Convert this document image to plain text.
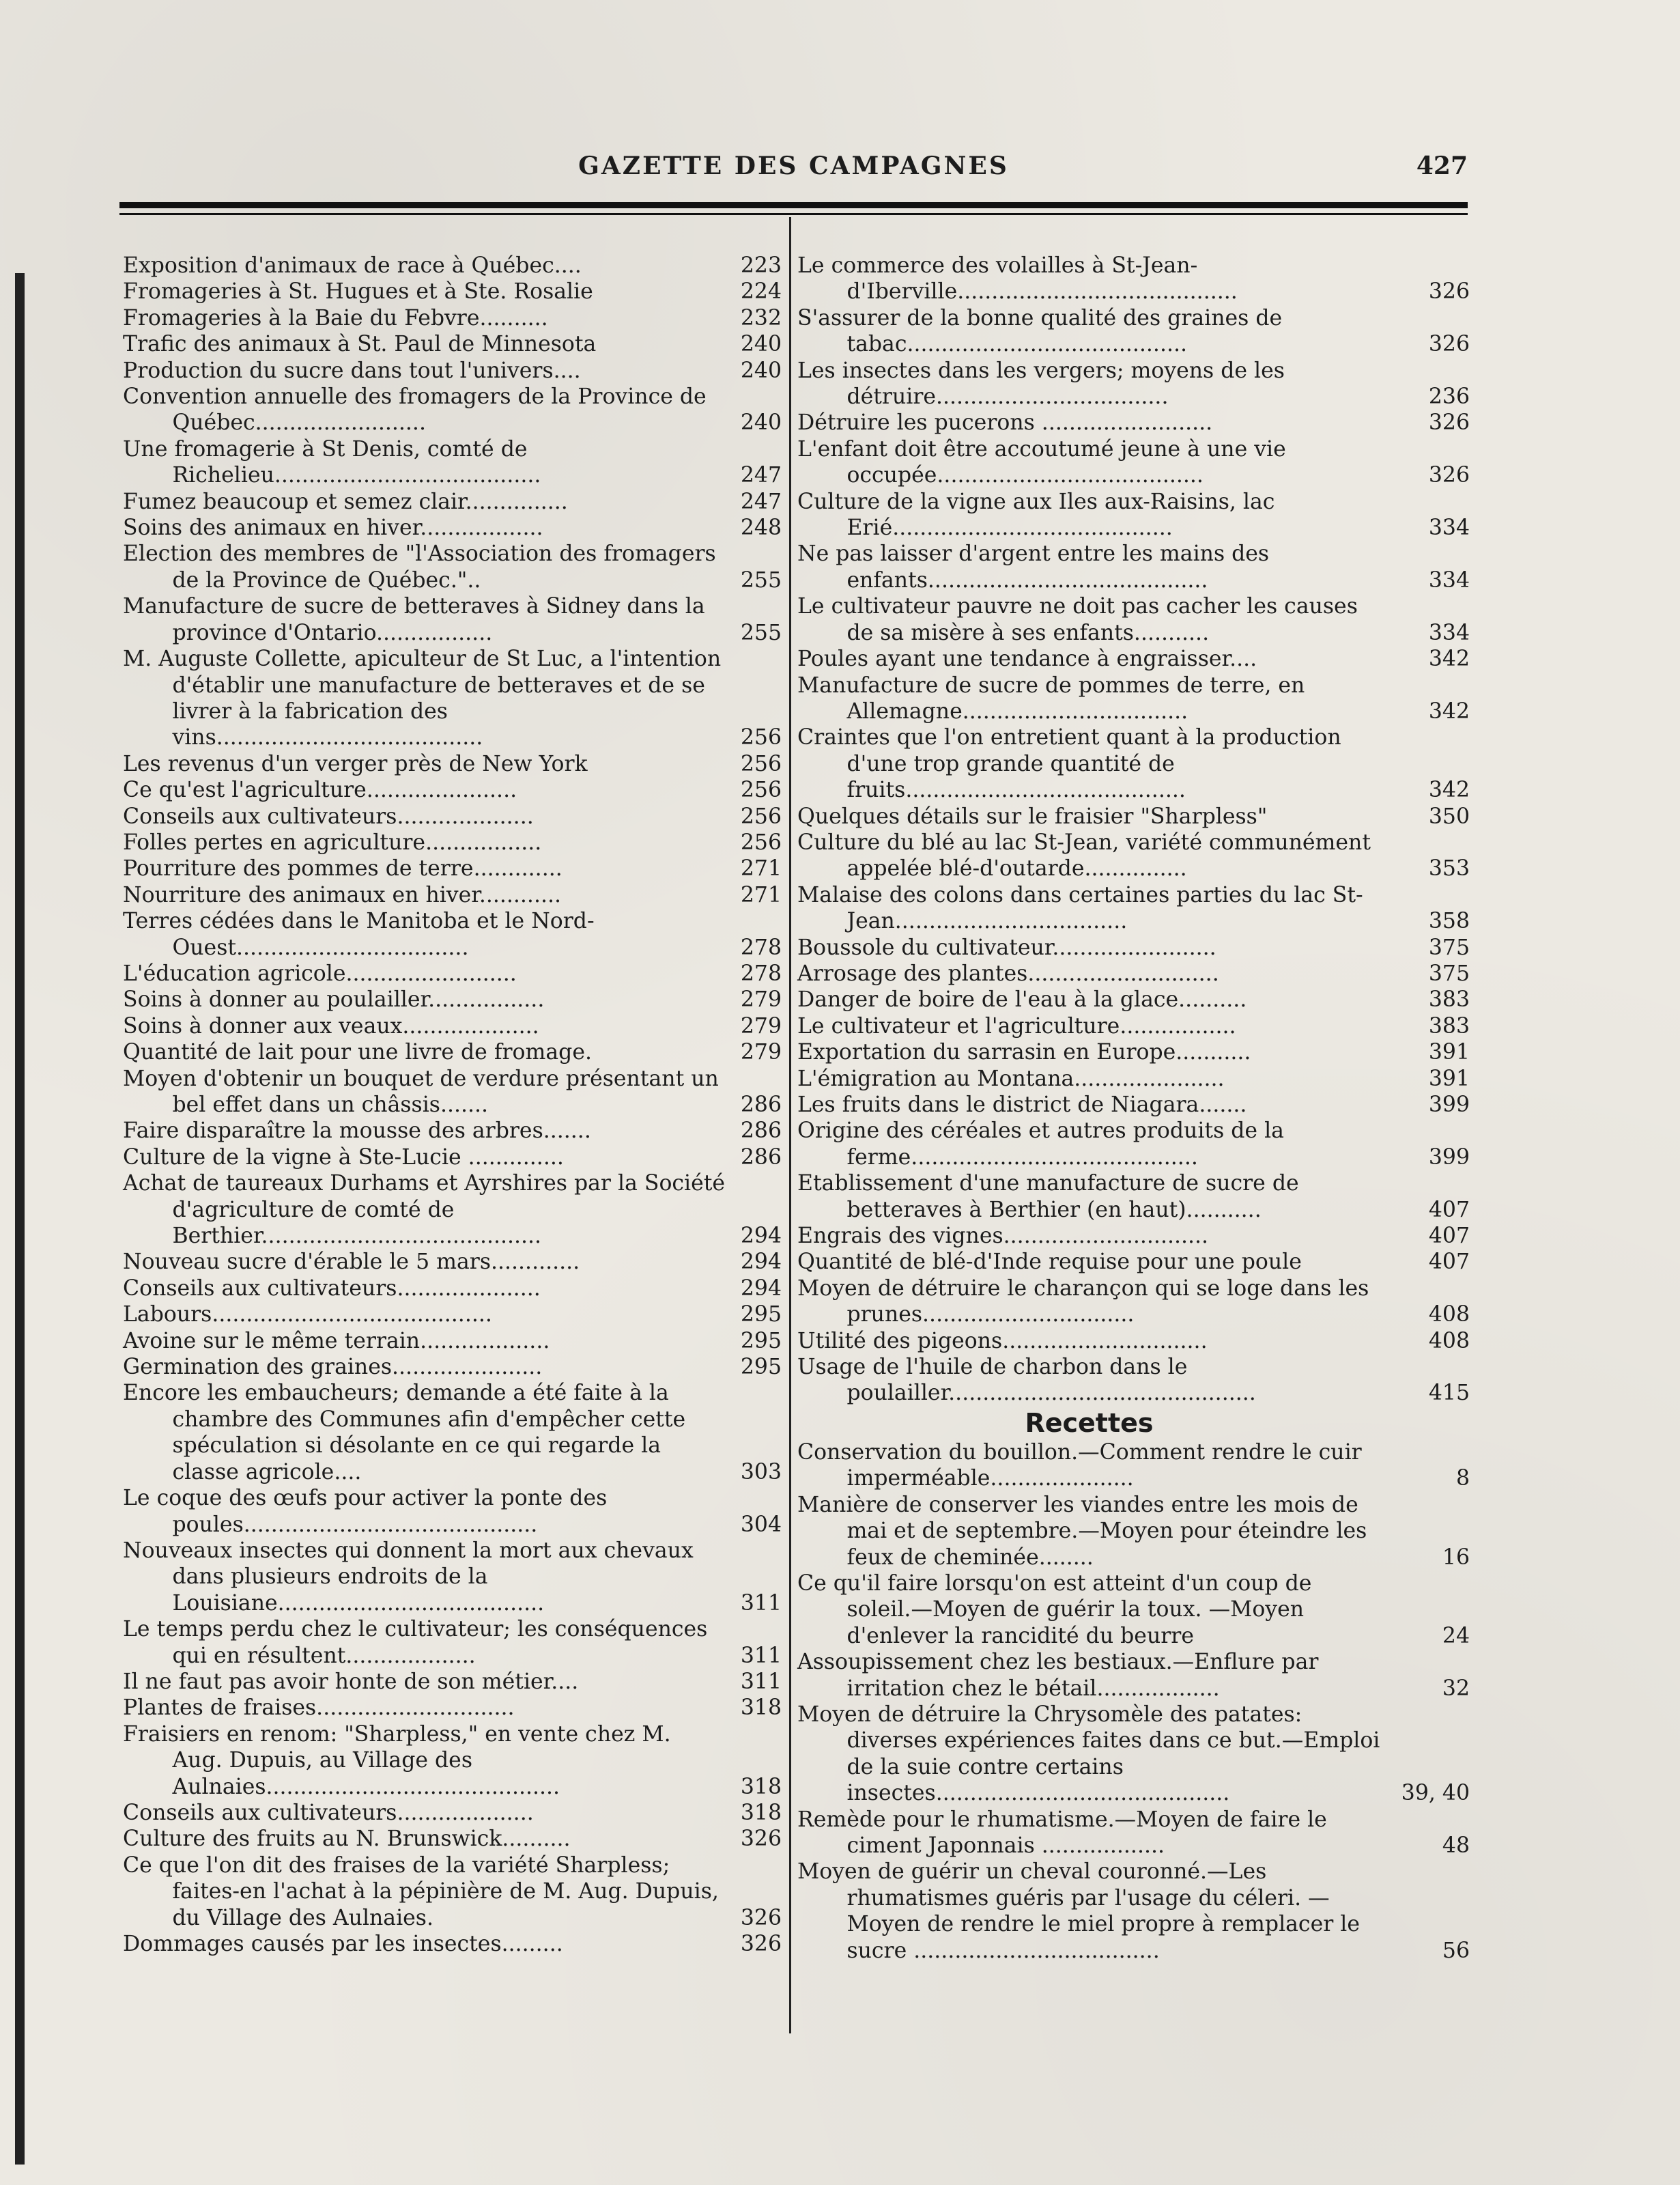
GAZETTE DES CAMPAGNES	427
Exposition d'animaux de race à Québec....	223
Fromageries à St. Hugues et à Ste. Rosalie	224
Fromageries à la Baie du Febvre..........	232
Trafic des animaux à St. Paul de Minnesota	240
Production du sucre dans tout l'univers....	240
Convention annuelle des fromagers de la Province de Québec.........................	240
Une fromagerie à St Denis, comté de Richelieu.......................................	247
Fumez beaucoup et semez clair...............	247
Soins des animaux en hiver..................	248
Election des membres de "l'Association des fromagers de la Province de Québec."..	255
Manufacture de sucre de betteraves à Sidney dans la province d'Ontario.................	255
M. Auguste Collette, apiculteur de St Luc, a l'intention d'établir une manufacture de betteraves et de se livrer à la fabrication des vins.......................................	256
Les revenus d'un verger près de New York	256
Ce qu'est l'agriculture......................	256
Conseils aux cultivateurs....................	256
Folles pertes en agriculture.................	256
Pourriture des pommes de terre.............	271
Nourriture des animaux en hiver............	271
Terres cédées dans le Manitoba et le Nord-Ouest..................................	278
L'éducation agricole.........................	278
Soins à donner au poulailler.................	279
Soins à donner aux veaux....................	279
Quantité de lait pour une livre de fromage.	279
Moyen d'obtenir un bouquet de verdure présentant un bel effet dans un châssis.......	286
Faire disparaître la mousse des arbres.......	286
Culture de la vigne à Ste-Lucie ..............	286
Achat de taureaux Durhams et Ayrshires par la Société d'agriculture de comté de Berthier.........................................	294
Nouveau sucre d'érable le 5 mars.............	294
Conseils aux cultivateurs.....................	294
Labours.........................................	295
Avoine sur le même terrain...................	295
Germination des graines......................	295
Encore les embaucheurs; demande a été faite à la chambre des Communes afin d'empêcher cette spéculation si désolante en ce qui regarde la classe agricole....	303
Le coque des œufs pour activer la ponte des poules...........................................	304
Nouveaux insectes qui donnent la mort aux chevaux dans plusieurs endroits de la Louisiane.......................................	311
Le temps perdu chez le cultivateur; les conséquences qui en résultent...................	311
Il ne faut pas avoir honte de son métier....	311
Plantes de fraises.............................	318
Fraisiers en renom: "Sharpless," en vente chez M. Aug. Dupuis, au Village des Aulnaies...........................................	318
Conseils aux cultivateurs....................	318
Culture des fruits au N. Brunswick..........	326
Ce que l'on dit des fraises de la variété Sharpless; faites-en l'achat à la pépinière de M. Aug. Dupuis, du Village des Aulnaies.	326
Dommages causés par les insectes.........	326
Le commerce des volailles à St-Jean-d'Iberville.........................................	326
S'assurer de la bonne qualité des graines de tabac.........................................	326
Les insectes dans les vergers; moyens de les détruire..................................	236
Détruire les pucerons .........................	326
L'enfant doit être accoutumé jeune à une vie occupée.......................................	326
Culture de la vigne aux Iles aux-Raisins, lac Erié.........................................	334
Ne pas laisser d'argent entre les mains des enfants.........................................	334
Le cultivateur pauvre ne doit pas cacher les causes de sa misère à ses enfants...........	334
Poules ayant une tendance à engraisser....	342
Manufacture de sucre de pommes de terre, en Allemagne.................................	342
Craintes que l'on entretient quant à la production d'une trop grande quantité de fruits.........................................	342
Quelques détails sur le fraisier "Sharpless"	350
Culture du blé au lac St-Jean, variété communément appelée blé-d'outarde...............	353
Malaise des colons dans certaines parties du lac St-Jean..................................	358
Boussole du cultivateur........................	375
Arrosage des plantes............................	375
Danger de boire de l'eau à la glace..........	383
Le cultivateur et l'agriculture.................	383
Exportation du sarrasin en Europe...........	391
L'émigration au Montana......................	391
Les fruits dans le district de Niagara.......	399
Origine des céréales et autres produits de la ferme..........................................	399
Etablissement d'une manufacture de sucre de betteraves à Berthier (en haut)...........	407
Engrais des vignes..............................	407
Quantité de blé-d'Inde requise pour une poule	407
Moyen de détruire le charançon qui se loge dans les prunes...............................	408
Utilité des pigeons..............................	408
Usage de l'huile de charbon dans le poulailler.............................................	415
Recettes
Conservation du bouillon.—Comment rendre le cuir imperméable.....................	8
Manière de conserver les viandes entre les mois de mai et de septembre.—Moyen pour éteindre les feux de cheminée........	16
Ce qu'il faire lorsqu'on est atteint d'un coup de soleil.—Moyen de guérir la toux. —Moyen d'enlever la rancidité du beurre	24
Assoupissement chez les bestiaux.—Enflure par irritation chez le bétail..................	32
Moyen de détruire la Chrysomèle des patates: diverses expériences faites dans ce but.—Emploi de la suie contre certains insectes...........................................	39, 40
Remède pour le rhumatisme.—Moyen de faire le ciment Japonnais ..................	48
Moyen de guérir un cheval couronné.—Les rhumatismes guéris par l'usage du céleri. —Moyen de rendre le miel propre à remplacer le sucre ....................................	56
